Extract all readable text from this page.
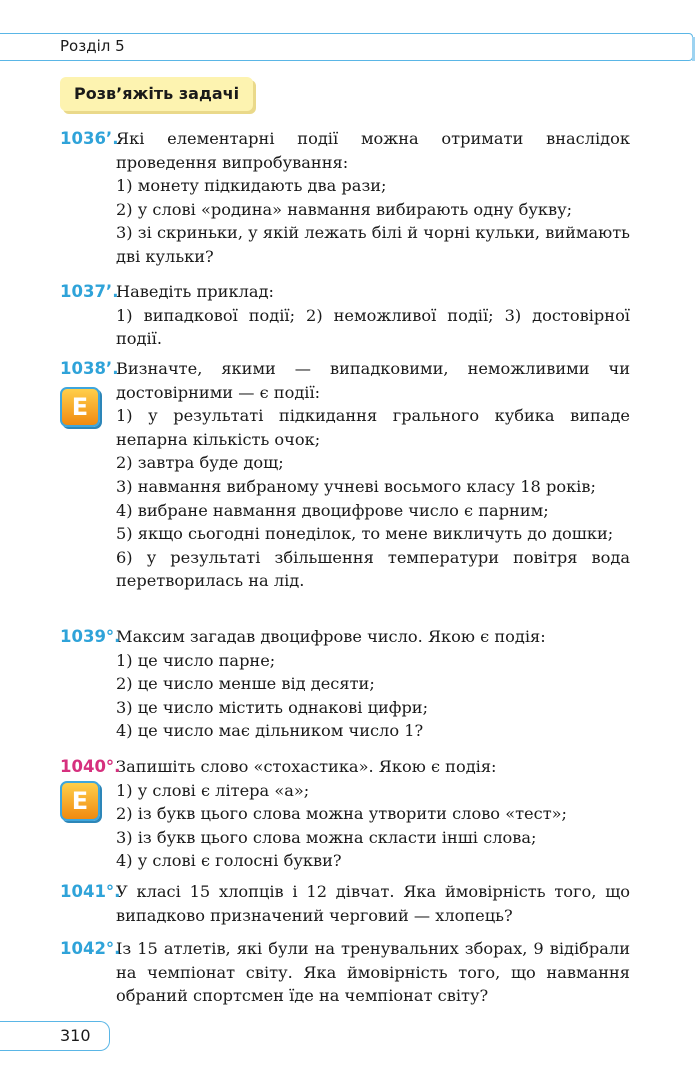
Розділ 5
Розв’яжіть задачі
1036’.
Які елементарні події можна отримати внаслідок проведення випробування:
1) монету підкидають два рази;
2) у слові «родина» навмання вибирають одну букву;
3) зі скриньки, у якій лежать білі й чорні кульки, виймають дві кульки?
1037’.
Наведіть приклад:
1) випадкової події; 2) неможливої події; 3) достовірної події.
1038’.
Е
Визначте, якими — випадковими, неможливими чи достовірними — є події:
1) у результаті підкидання грального кубика випаде непарна кількість очок;
2) завтра буде дощ;
3) навмання вибраному учневі восьмого класу 18 років;
4) вибране навмання двоцифрове число є парним;
5) якщо сьогодні понеділок, то мене викличуть до дошки;
6) у результаті збільшення температури повітря вода перетворилась на лід.
1039°.
Максим загадав двоцифрове число. Якою є подія:
1) це число парне;
2) це число менше від десяти;
3) це число містить однакові цифри;
4) це число має дільником число 1?
1040°.
Е
Запишіть слово «стохастика». Якою є подія:
1) у слові є літера «а»;
2) із букв цього слова можна утворити слово «тест»;
3) із букв цього слова можна скласти інші слова;
4) у слові є голосні букви?
1041°.
У класі 15 хлопців і 12 дівчат. Яка ймовірність того, що випадково призначений черговий — хлопець?
1042°.
Із 15 атлетів, які були на тренувальних зборах, 9 відібрали на чемпіонат світу. Яка ймовірність того, що навмання обраний спортсмен їде на чемпіонат світу?
310
